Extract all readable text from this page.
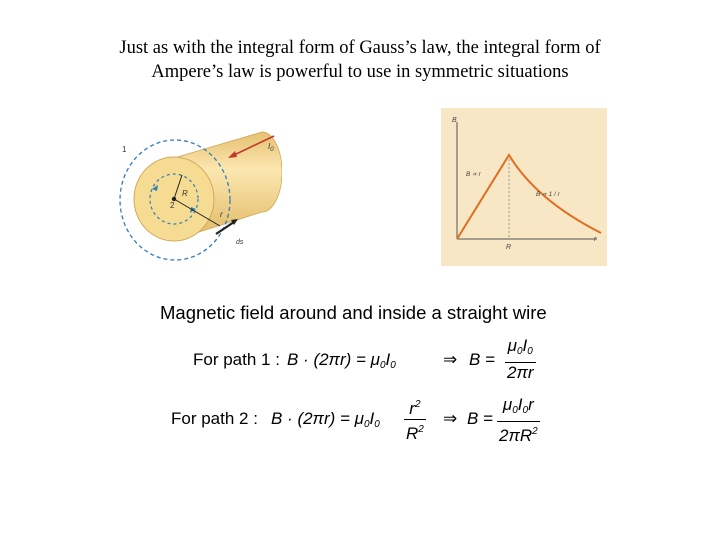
Just as with the integral form of Gauss’s law, the integral form of
Ampere’s law is powerful to use in symmetric situations
1
2
R
r
ds
$I_0$
B
r
R
B ∝ r
B ∝ 1 / r
Magnetic field around and inside a straight wire
For path 1 : $B \cdot (2\pi r) = \mu_0I_0$	⇒ B =
$\mu_0I_0$
2πr
For path 2 : $B \cdot (2\pi r) = \mu_0I_0$
$r^2$
$R^2$
⇒ B =
$\mu_0I_0r$
$2\pi R^2$
